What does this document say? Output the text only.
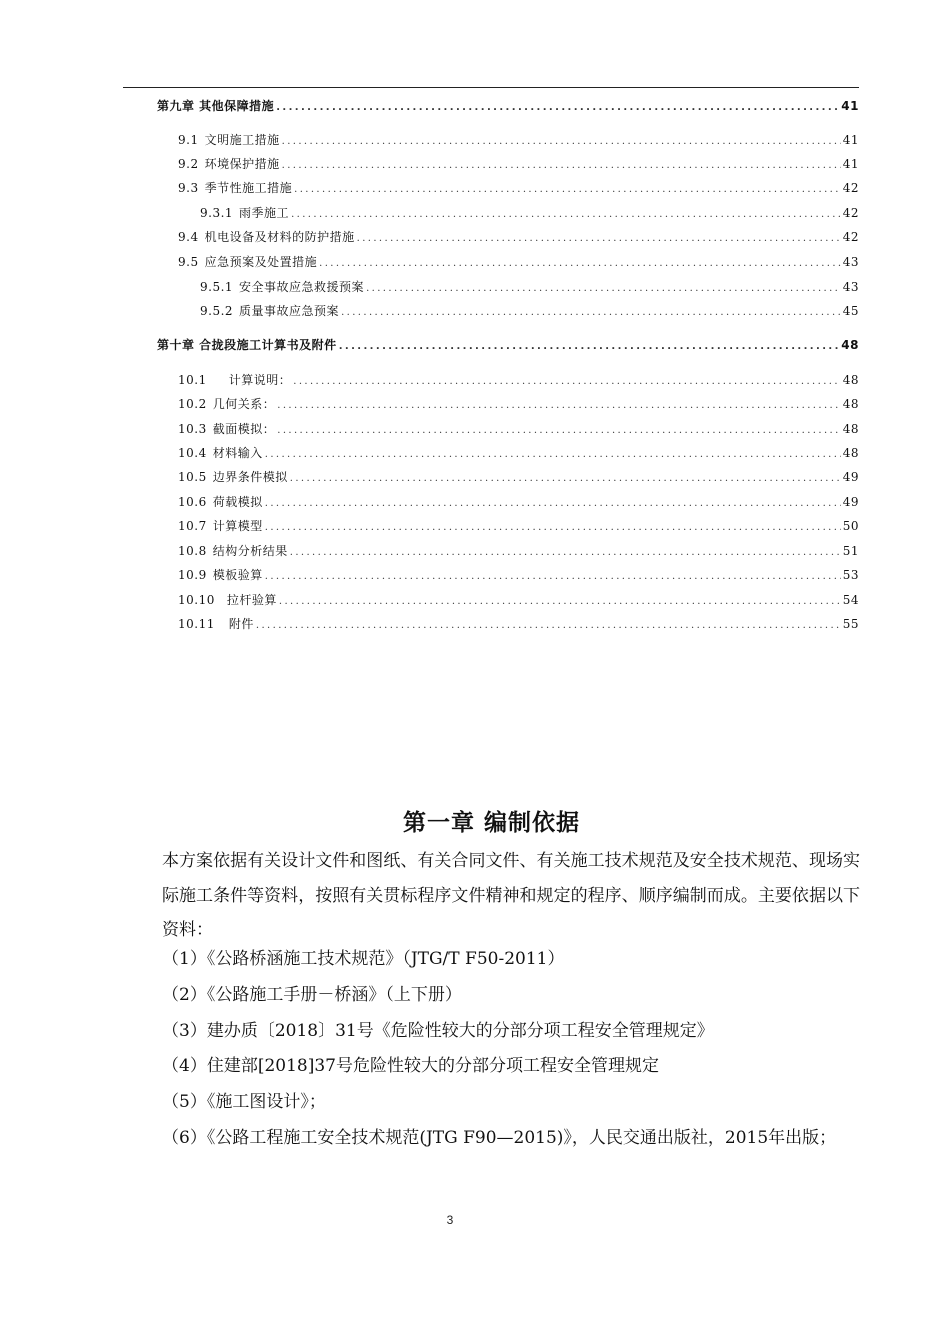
第九章 其他保障措施 .....	41
9.1 文明施工措施 .....	41
9.2 环境保护措施 .....	41
9.3 季节性施工措施 .....	42
9.3.1 雨季施工 .....	42
9.4 机电设备及材料的防护措施 .....	42
9.5 应急预案及处置措施 .....	43
9.5.1 安全事故应急救援预案 .....	43
9.5.2 质量事故应急预案 .....	45
第十章 合拢段施工计算书及附件 .....	48
10.1 计算说明： .....	48
10.2 几何关系： .....	48
10.3 截面模拟： .....	48
10.4 材料输入 .....	48
10.5 边界条件模拟 .....	49
10.6 荷载模拟 .....	49
10.7 计算模型 .....	50
10.8 结构分析结果 .....	51
10.9 模板验算 .....	53
10.10 拉杆验算 .....	54
10.11 附件 .....	55
第一章 编制依据
本方案依据有关设计文件和图纸、有关合同文件、有关施工技术规范及安全技术规范、现场实际施工条件等资料，按照有关贯标程序文件精神和规定的程序、顺序编制而成。主要依据以下资料：
（1）《公路桥涵施工技术规范》（JTG/T F50-2011）
（2）《公路施工手册－桥涵》（上下册）
（3）建办质〔2018〕31号《危险性较大的分部分项工程安全管理规定》
（4）住建部[2018]37号危险性较大的分部分项工程安全管理规定
（5）《施工图设计》；
（6）《公路工程施工安全技术规范(JTG F90—2015)》，人民交通出版社，2015年出版；
3
